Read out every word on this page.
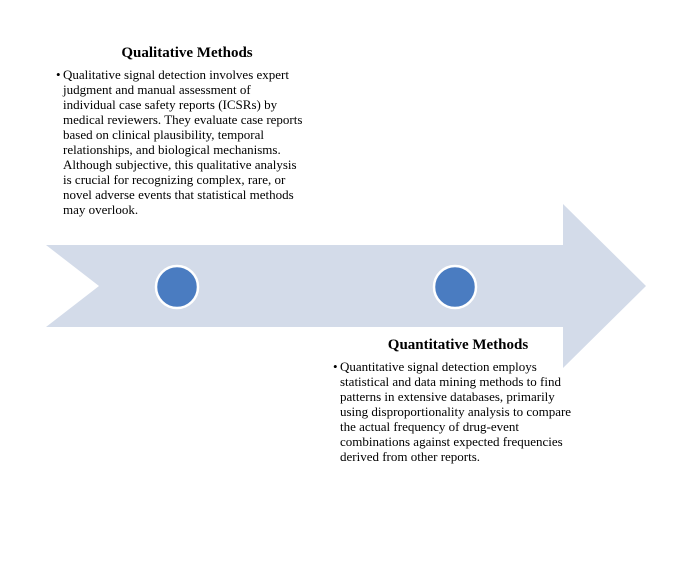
Qualitative Methods
• Qualitative signal detection involves expert judgment and manual assessment of individual case safety reports (ICSRs) by medical reviewers. They evaluate case reports based on clinical plausibility, temporal relationships, and biological mechanisms. Although subjective, this qualitative analysis is crucial for recognizing complex, rare, or novel adverse events that statistical methods may overlook.
Quantitative Methods
• Quantitative signal detection employs statistical and data mining methods to find patterns in extensive databases, primarily using disproportionality analysis to compare the actual frequency of drug-event combinations against expected frequencies derived from other reports.
